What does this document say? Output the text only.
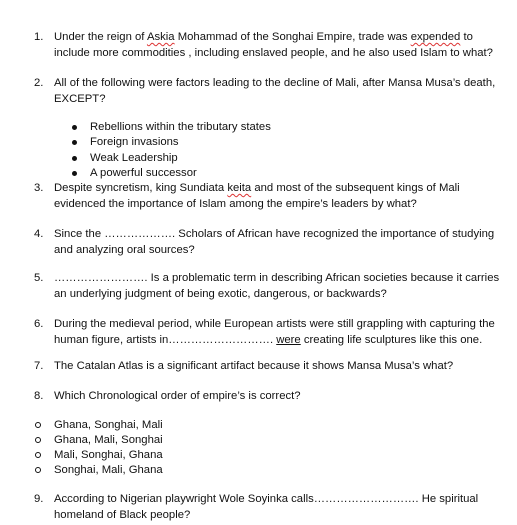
1. Under the reign of Askia Mohammad of the Songhai Empire, trade was expended to include more commodities , including enslaved people, and he also used Islam to what?
2. All of the following were factors leading to the decline of Mali, after Mansa Musa’s death, EXCEPT?
Rebellions within the tributary states
Foreign invasions
Weak Leadership
A powerful successor
3. Despite syncretism, king Sundiata keita and most of the subsequent kings of Mali evidenced the importance of Islam among the empire’s leaders by what?
4. Since the ………………. Scholars of African have recognized the importance of studying and analyzing oral sources?
5. ……………………. Is a problematic term in describing African societies because it carries an underlying judgment of being exotic, dangerous, or backwards?
6. During the medieval period, while European artists were still grappling with capturing the human figure, artists in………………………. were creating life sculptures like this one.
7. The Catalan Atlas is a significant artifact because it shows Mansa Musa’s what?
8. Which Chronological order of empire’s is correct?
Ghana, Songhai, Mali
Ghana, Mali, Songhai
Mali, Songhai, Ghana
Songhai, Mali, Ghana
9. According to Nigerian playwright Wole Soyinka calls………………………. He spiritual homeland of Black people?
